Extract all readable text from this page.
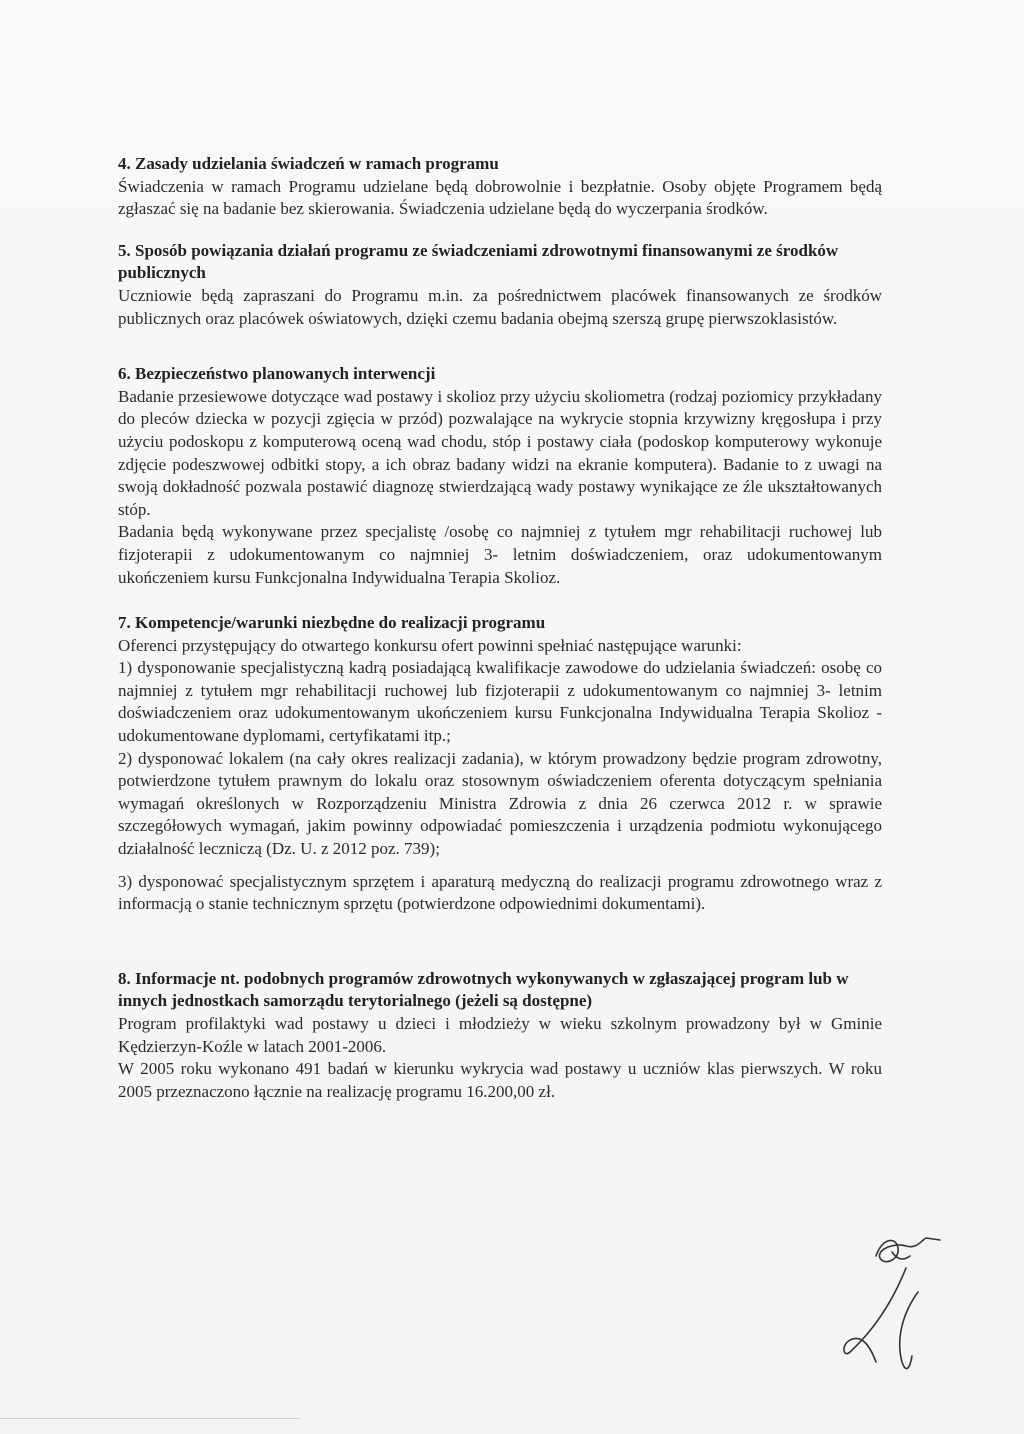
4. Zasady udzielania świadczeń w ramach programu

Świadczenia w ramach Programu udzielane będą dobrowolnie i bezpłatnie. Osoby objęte Programem będą zgłaszać się na badanie bez skierowania. Świadczenia udzielane będą do wyczerpania środków.

5. Sposób powiązania działań programu ze świadczeniami zdrowotnymi finansowanymi ze środków publicznych

Uczniowie będą zapraszani do Programu m.in. za pośrednictwem placówek finansowanych ze środków publicznych oraz placówek oświatowych, dzięki czemu badania obejmą szerszą grupę pierwszoklasistów.

6. Bezpieczeństwo planowanych interwencji

Badanie przesiewowe dotyczące wad postawy i skolioz przy użyciu skoliometra (rodzaj poziomicy przykładany do pleców dziecka w pozycji zgięcia w przód) pozwalające na wykrycie stopnia krzywizny kręgosłupa i przy użyciu podoskopu z komputerową oceną wad chodu, stóp i postawy ciała (podoskop komputerowy wykonuje zdjęcie podeszwowej odbitki stopy, a ich obraz badany widzi na ekranie komputera). Badanie to z uwagi na swoją dokładność pozwala postawić diagnozę stwierdzającą wady postawy wynikające ze źle ukształtowanych stóp.

Badania będą wykonywane przez specjalistę /osobę co najmniej z tytułem mgr rehabilitacji ruchowej lub fizjoterapii z udokumentowanym co najmniej 3- letnim doświadczeniem, oraz udokumentowanym ukończeniem kursu Funkcjonalna Indywidualna Terapia Skolioz.

7. Kompetencje/warunki niezbędne do realizacji programu

Oferenci przystępujący do otwartego konkursu ofert powinni spełniać następujące warunki:

1) dysponowanie specjalistyczną kadrą posiadającą kwalifikacje zawodowe do udzielania świadczeń: osobę co najmniej z tytułem mgr rehabilitacji ruchowej lub fizjoterapii z udokumentowanym co najmniej 3- letnim doświadczeniem oraz udokumentowanym ukończeniem kursu Funkcjonalna Indywidualna Terapia Skolioz - udokumentowane dyplomami, certyfikatami itp.;

2) dysponować lokalem (na cały okres realizacji zadania), w którym prowadzony będzie program zdrowotny, potwierdzone tytułem prawnym do lokalu oraz stosownym oświadczeniem oferenta dotyczącym spełniania wymagań określonych w Rozporządzeniu Ministra Zdrowia z dnia 26 czerwca 2012 r. w sprawie szczegółowych wymagań, jakim powinny odpowiadać pomieszczenia i urządzenia podmiotu wykonującego działalność leczniczą (Dz. U. z 2012 poz. 739);

3) dysponować specjalistycznym sprzętem i aparaturą medyczną do realizacji programu zdrowotnego wraz z informacją o stanie technicznym sprzętu (potwierdzone odpowiednimi dokumentami).

8. Informacje nt. podobnych programów zdrowotnych wykonywanych w zgłaszającej program lub w innych jednostkach samorządu terytorialnego (jeżeli są dostępne)

Program profilaktyki wad postawy u dzieci i młodzieży w wieku szkolnym prowadzony był w Gminie Kędzierzyn-Koźle w latach 2001-2006.

W 2005 roku wykonano 491 badań w kierunku wykrycia wad postawy u uczniów klas pierwszych. W roku 2005 przeznaczono łącznie na realizację programu 16.200,00 zł.
